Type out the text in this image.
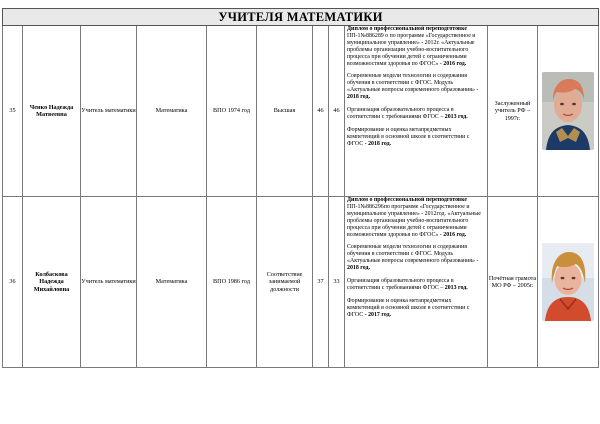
УЧИТЕЛЯ МАТЕМАТИКИ										
35	Ченко Надежда Матвеевна	Учитель математики	Математика	ВПО 1974 год	Высшая	46	46	Диплом о профессиональной переподготовке ПП-1№886289 о по программе «Государственное и муниципальное управление» - 2012г. «Актуальные проблемы организации учебно-воспитательного процесса при обучении детей с ограниченными возможностями здоровья по ФГОС» - 2016 год.

Современные модели технологии и содержания обучения в соответствии с ФГОС. Модуль «Актуальные вопросы современного образования» - 2018 год.

Организация образовательного процесса в соответствии с требованиями ФГОС – 2013 год.

Формирование и оценка метапредметных компетенций в основной школе в соответствии с ФГОС - 2018 год.	Заслуженный учитель РФ – 1997г.	

36	Колбаскова Надежда Михайловна	Учитель математики	Математика	ВПО 1986 год	Соответствие занимаемой должности	37	33	Диплом о профессиональной переподготовке ПП-1№886296по программе «Государственное и муниципальное управление» - 2012год. «Актуальные проблемы организации учебно-воспитательного процесса при обучении детей с ограниченными возможностями здоровья по ФГОС» - 2016 год.

Современные модели технологии и содержания обучения в соответствии с ФГОС. Модуль «Актуальные вопросы современного образования» - 2018 год.

Организация образовательного процесса в соответствии с требованиями ФГОС – 2013 год.

Формирование и оценка метапредметных компетенций в основной школе в соответствии с ФГОС - 2017 год.	Почётная грамота МО РФ – 2005г.	
